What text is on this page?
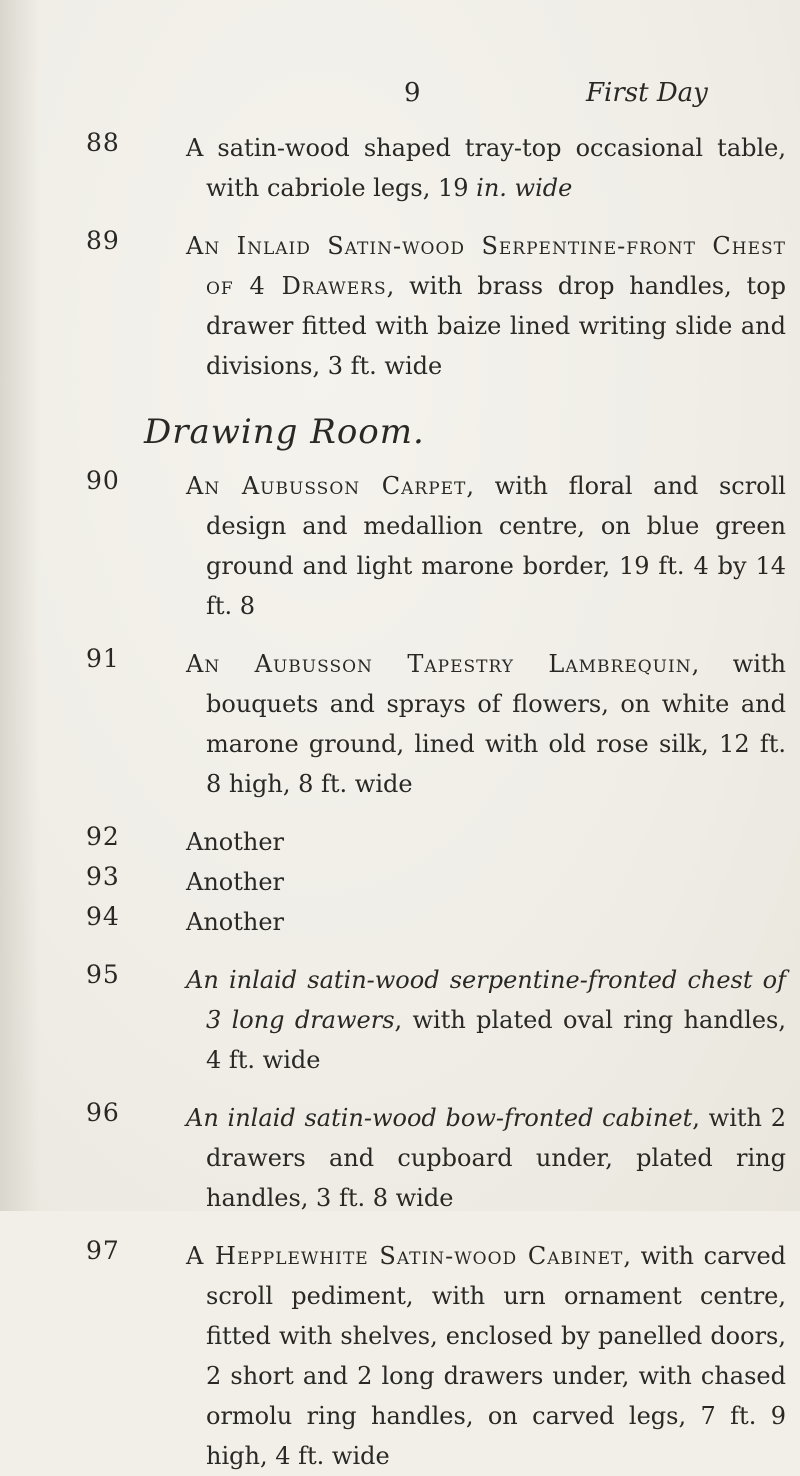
9	First Day
88	A satin-wood shaped tray-top occasional table, with cabriole legs, 19 in. wide
89	An Inlaid Satin-wood Serpentine-front Chest of 4 Drawers, with brass drop handles, top drawer fitted with baize lined writing slide and divisions, 3 ft. wide
Drawing Room.
90	An Aubusson Carpet, with floral and scroll design and medallion centre, on blue green ground and light marone border, 19 ft. 4 by 14 ft. 8
91	An Aubusson Tapestry Lambrequin, with bouquets and sprays of flowers, on white and marone ground, lined with old rose silk, 12 ft. 8 high, 8 ft. wide
92	Another
93	Another
94	Another
95	An inlaid satin-wood serpentine-fronted chest of 3 long drawers, with plated oval ring handles, 4 ft. wide
96	An inlaid satin-wood bow-fronted cabinet, with 2 drawers and cupboard under, plated ring handles, 3 ft. 8 wide
97	A Hepplewhite Satin-wood Cabinet, with carved scroll pediment, with urn ornament centre, fitted with shelves, enclosed by panelled doors, 2 short and 2 long drawers under, with chased ormolu ring handles, on carved legs, 7 ft. 9 high, 4 ft. wide
